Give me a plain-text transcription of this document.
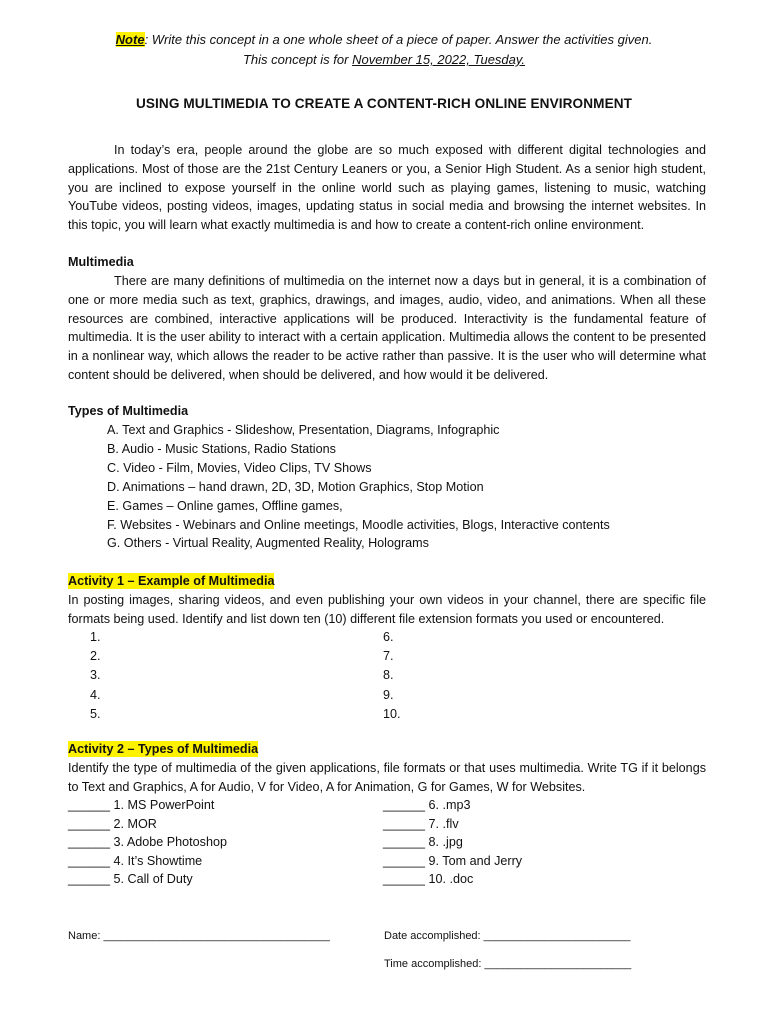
Note: Write this concept in a one whole sheet of a piece of paper. Answer the activities given.
This concept is for November 15, 2022, Tuesday.
USING MULTIMEDIA TO CREATE A CONTENT-RICH ONLINE ENVIRONMENT

In today’s era, people around the globe are so much exposed with different digital technologies and applications. Most of those are the 21st Century Leaners or you, a Senior High Student. As a senior high student, you are inclined to expose yourself in the online world such as playing games, listening to music, watching YouTube videos, posting videos, images, updating status in social media and browsing the internet websites. In this topic, you will learn what exactly multimedia is and how to create a content-rich online environment.

Multimedia

There are many definitions of multimedia on the internet now a days but in general, it is a combination of one or more media such as text, graphics, drawings, and images, audio, video, and animations. When all these resources are combined, interactive applications will be produced. Interactivity is the fundamental feature of multimedia. It is the user ability to interact with a certain application. Multimedia allows the content to be presented in a nonlinear way, which allows the reader to be active rather than passive. It is the user who will determine what content should be delivered, when should be delivered, and how would it be delivered.

Types of Multimedia
A. Text and Graphics - Slideshow, Presentation, Diagrams, Infographic
B. Audio - Music Stations, Radio Stations
C. Video - Film, Movies, Video Clips, TV Shows
D. Animations – hand drawn, 2D, 3D, Motion Graphics, Stop Motion
E. Games – Online games, Offline games,
F. Websites - Webinars and Online meetings, Moodle activities, Blogs, Interactive contents
G. Others - Virtual Reality, Augmented Reality, Holograms
Activity 1 – Example of Multimedia

In posting images, sharing videos, and even publishing your own videos in your channel, there are specific file formats being used. Identify and list down ten (10) different file extension formats you used or encountered.

1.
2.
3.
4.
5.
6.
7.
8.
9.
10.
Activity 2 – Types of Multimedia

Identify the type of multimedia of the given applications, file formats or that uses multimedia. Write TG if it belongs to Text and Graphics, A for Audio, V for Video, A for Animation, G for Games, W for Websites.

______ 1. MS PowerPoint
______ 2. MOR
______ 3. Adobe Photoshop
______ 4. It’s Showtime
______ 5. Call of Duty
______ 6. .mp3
______ 7. .flv
______ 8. .jpg
______ 9. Tom and Jerry
______ 10. .doc
Name: _____________________________________	Date accomplished: ________________________
Time accomplished: ________________________
